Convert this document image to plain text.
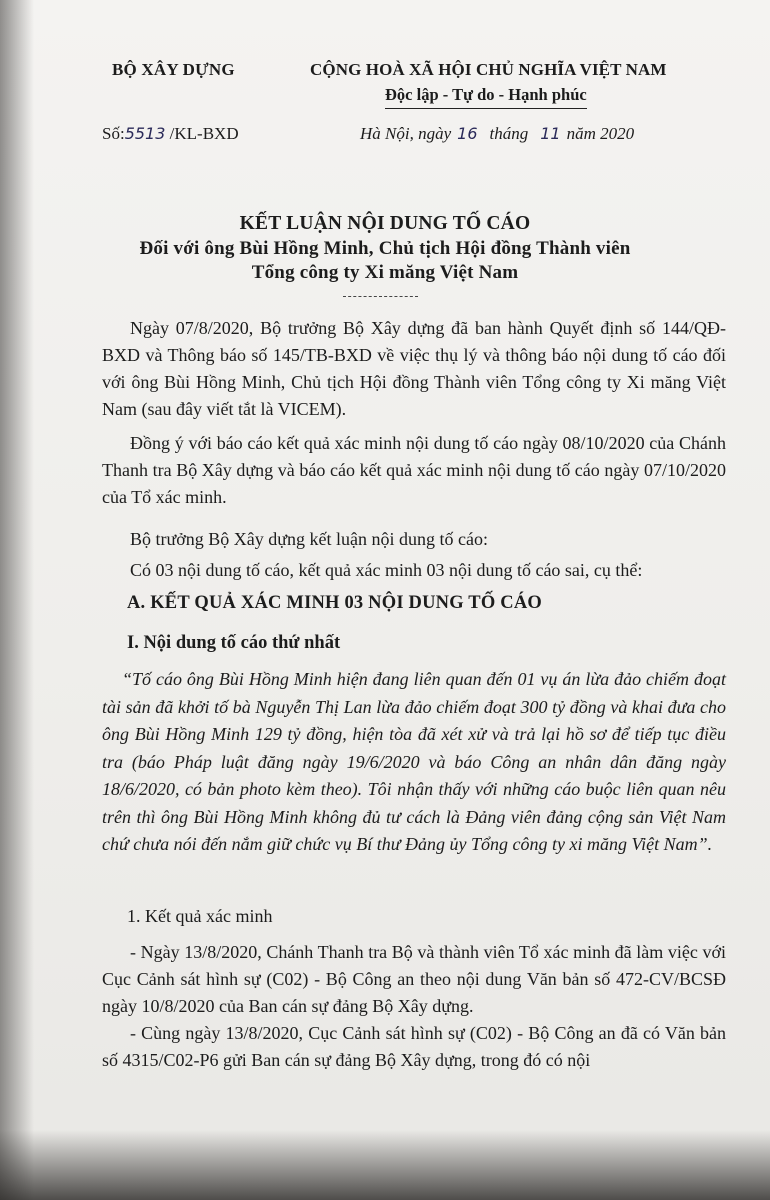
BỘ XÂY DỰNG	CỘNG HOÀ XÃ HỘI CHỦ NGHĨA VIỆT NAM
Độc lập - Tự do - Hạnh phúc
Số:5513 /KL-BXD	Hà Nội, ngày 16 tháng 11 năm 2020
KẾT LUẬN NỘI DUNG TỐ CÁO
Đối với ông Bùi Hồng Minh, Chủ tịch Hội đồng Thành viên
Tổng công ty Xi măng Việt Nam

Ngày 07/8/2020, Bộ trưởng Bộ Xây dựng đã ban hành Quyết định số 144/QĐ-BXD và Thông báo số 145/TB-BXD về việc thụ lý và thông báo nội dung tố cáo đối với ông Bùi Hồng Minh, Chủ tịch Hội đồng Thành viên Tổng công ty Xi măng Việt Nam (sau đây viết tắt là VICEM).

Đồng ý với báo cáo kết quả xác minh nội dung tố cáo ngày 08/10/2020 của Chánh Thanh tra Bộ Xây dựng và báo cáo kết quả xác minh nội dung tố cáo ngày 07/10/2020 của Tổ xác minh.

Bộ trưởng Bộ Xây dựng kết luận nội dung tố cáo:

Có 03 nội dung tố cáo, kết quả xác minh 03 nội dung tố cáo sai, cụ thể:

A. KẾT QUẢ XÁC MINH 03 NỘI DUNG TỐ CÁO
I. Nội dung tố cáo thứ nhất

“Tố cáo ông Bùi Hồng Minh hiện đang liên quan đến 01 vụ án lừa đảo chiếm đoạt tài sản đã khởi tố bà Nguyễn Thị Lan lừa đảo chiếm đoạt 300 tỷ đồng và khai đưa cho ông Bùi Hồng Minh 129 tỷ đồng, hiện tòa đã xét xử và trả lại hồ sơ để tiếp tục điều tra (báo Pháp luật đăng ngày 19/6/2020 và báo Công an nhân dân đăng ngày 18/6/2020, có bản photo kèm theo). Tôi nhận thấy với những cáo buộc liên quan nêu trên thì ông Bùi Hồng Minh không đủ tư cách là Đảng viên đảng cộng sản Việt Nam chứ chưa nói đến nắm giữ chức vụ Bí thư Đảng ủy Tổng công ty xi măng Việt Nam”.

1. Kết quả xác minh

- Ngày 13/8/2020, Chánh Thanh tra Bộ và thành viên Tổ xác minh đã làm việc với Cục Cảnh sát hình sự (C02) - Bộ Công an theo nội dung Văn bản số 472-CV/BCSĐ ngày 10/8/2020 của Ban cán sự đảng Bộ Xây dựng.

- Cùng ngày 13/8/2020, Cục Cảnh sát hình sự (C02) - Bộ Công an đã có Văn bản số 4315/C02-P6 gửi Ban cán sự đảng Bộ Xây dựng, trong đó có nội
